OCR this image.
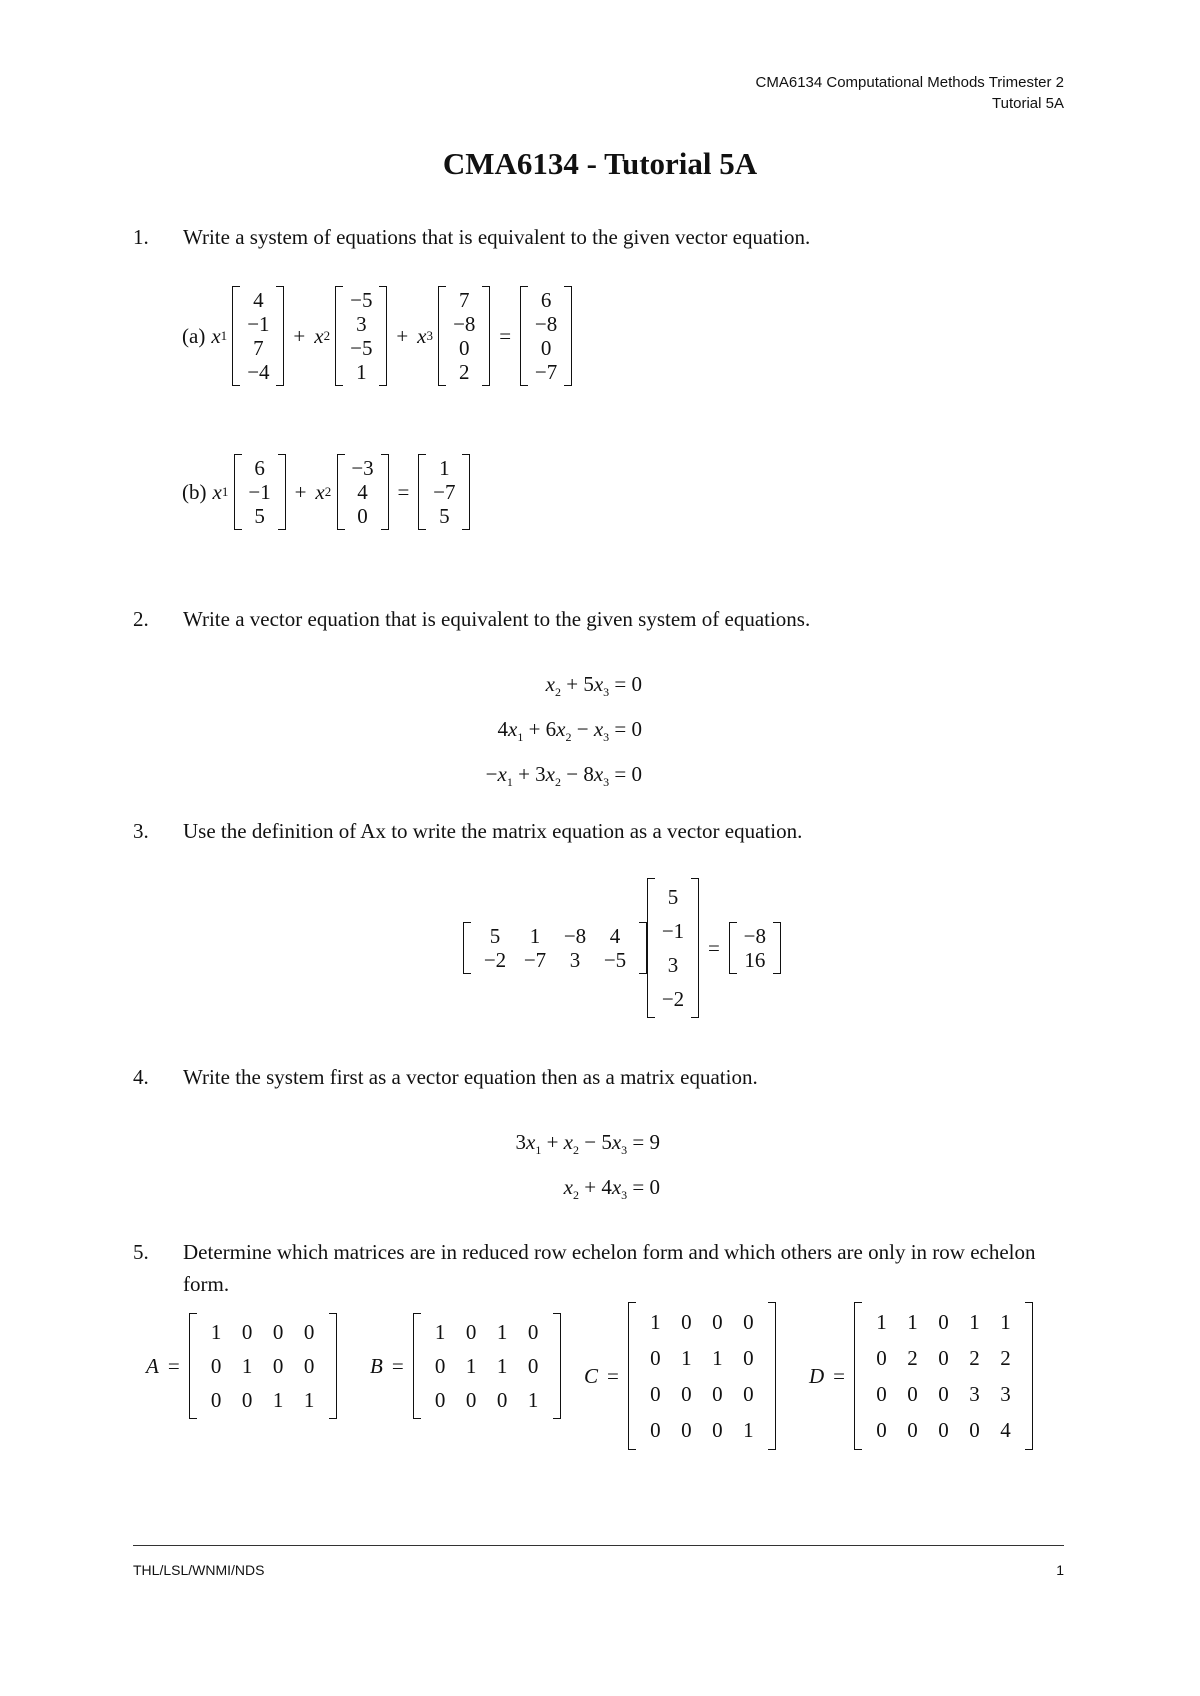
CMA6134 Computational Methods Trimester 2
Tutorial 5A
CMA6134 - Tutorial 5A
1. Write a system of equations that is equivalent to the given vector equation.
(a) x 1

4
−1
7
−4
+ x 2

−5
3
−5
1
+ x 3

7
−8
0
2
=
6
−8
0
−7
(b) x 1

6
−1
5
+ x 2

−3
4
0
=
1
−7
5
2. Write a vector equation that is equivalent to the given system of equations.
$x_2 + 5x_3 = 0$
$4x_1 + 6x_2 - x_3 = 0$
$-x_1 + 3x_2 - 8x_3 = 0$
3. Use the definition of Ax to write the matrix equation as a vector equation.
5	1	−8	4
−2 −7	3	−5
5
−1
3
−2
=	−8
16
4. Write the system first as a vector equation then as a matrix equation.
$3x_1 + x_2 - 5x_3 = 9$
$x_2 + 4x_3 = 0$
5. Determine which matrices are in reduced row echelon form and which others are only in row echelon form.
A =
1 0 0 0
0 1 0 0
0 0 1 1
B =
1 0 1 0
0 1 1 0
0 0 0 1
C =
1 0 0 0
0 1 1 0
0 0 0 0
0 0 0 1
D =
1 1 0 1 1
0 2 0 2 2
0 0 0 3 3
0 0 0 0 4
THL/LSL/WNMI/NDS	1
